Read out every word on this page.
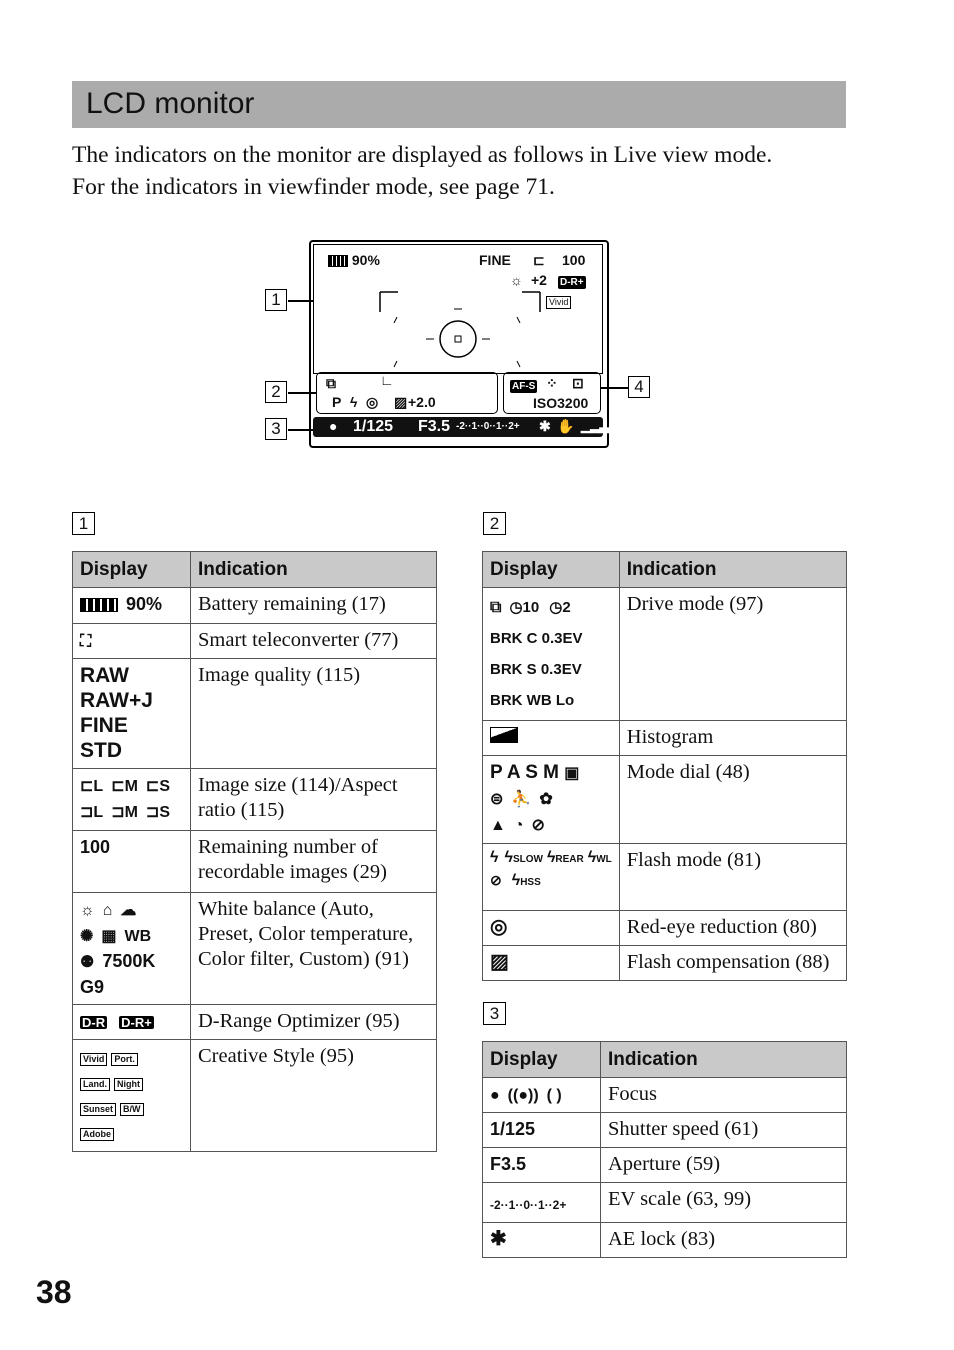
LCD monitor

The indicators on the monitor are displayed as follows in Live view mode.

For the indicators in viewfinder mode, see page 71.

90%	FINE ⊏ 100
☼ +2 D-R+
Vivid
⧉	∟
P ϟ ◎ ▨ +2.0
AF-S ⁘ ⊡
ISO3200
● 1/125 F3.5 -2··1··0··1··2+ ✱ ✋ ▁▂▃
1
2
3
4
1
Display	Indication
90%	Battery remaining (17)
⛶	Smart teleconverter (77)

RAW
RAW+J
FINE
STD	Image quality (115)

⊏L ⊏M ⊏S
⊐L ⊐M ⊐S	Image size (114)/Aspect ratio (115)
100	Remaining number of recordable images (29)

☼ ⌂ ☁
✺ ▦ WB
⚉ 7500K
G9	White balance (Auto, Preset, Color temperature, Color filter, Custom) (91)
D-R D-R+	D-Range Optimizer (95)

Vivid Port.
Land. Night
Sunset B/W
Adobe	Creative Style (95)
2
Display	Indication

⧉ ◷10 ◷2
BRK C 0.3EV
BRK S 0.3EV
BRK WB Lo	Drive mode (97)
	Histogram

P A S M ▣
⊜ ⛹ ✿
▲ ◔ ⊘	Mode dial (48)

ϟ ϟSLOW ϟREAR ϟWL
⊘ ϟHSS	Flash mode (81)
◎	Red-eye reduction (80)
▨	Flash compensation (88)
3
Display	Indication
● ((●)) ( )	Focus
1/125	Shutter speed (61)
F3.5	Aperture (59)
-2··1··0··1··2+	EV scale (63, 99)
✱	AE lock (83)
38
